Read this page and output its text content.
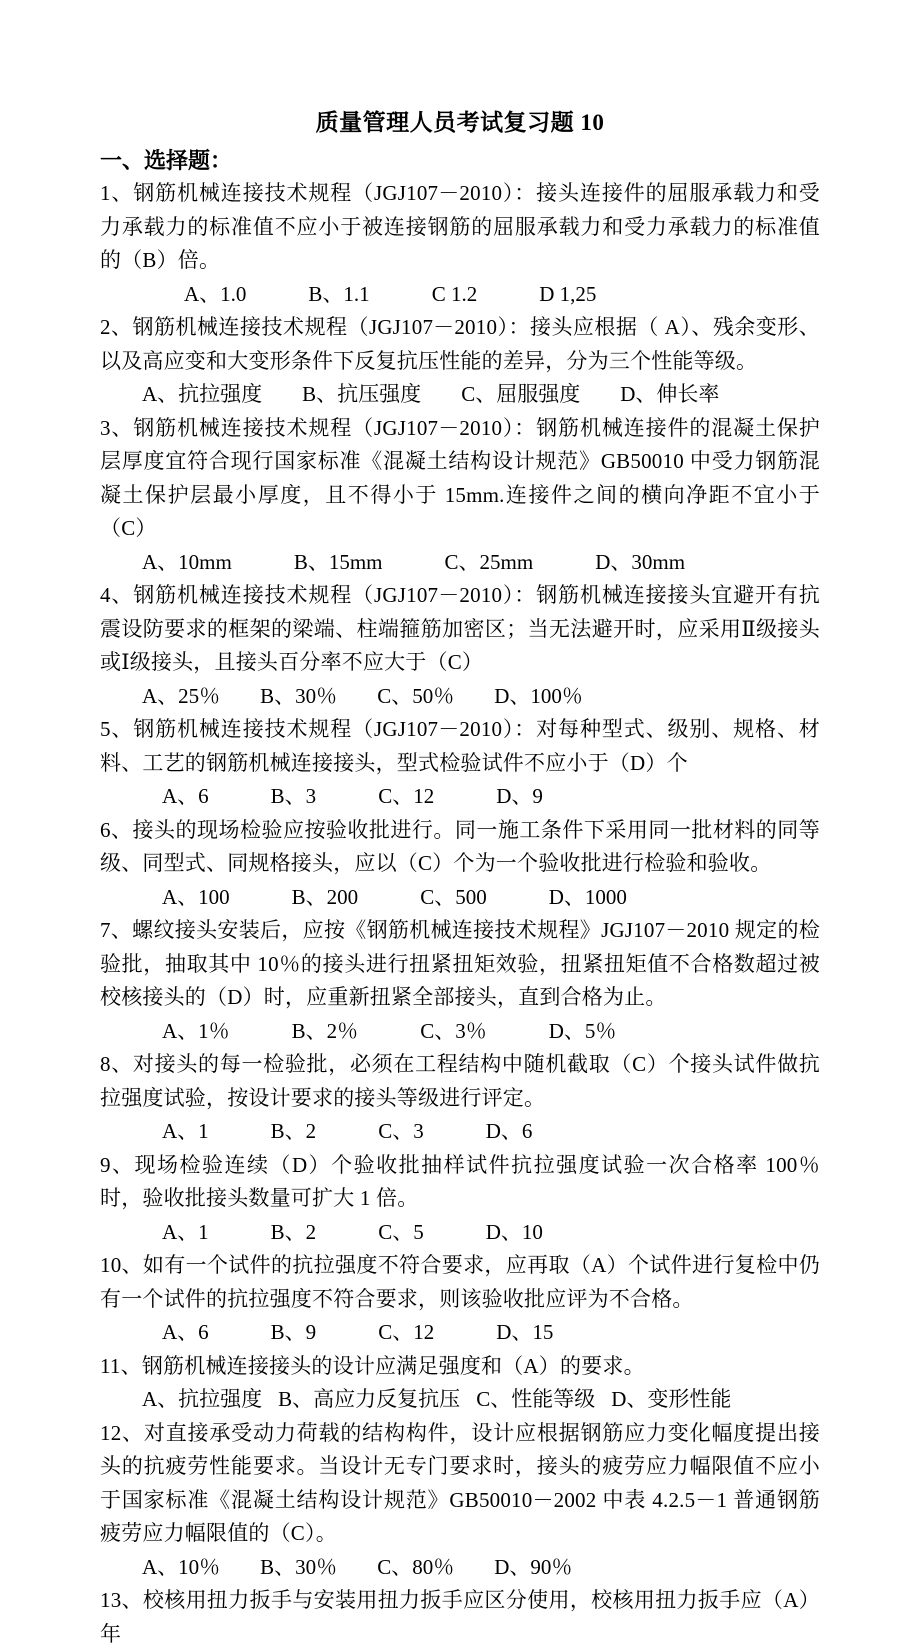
质量管理人员考试复习题 10
一、选择题：
1、钢筋机械连接技术规程（JGJ107－2010）：接头连接件的屈服承载力和受力承载力的标准值不应小于被连接钢筋的屈服承载力和受力承载力的标准值的（B）倍。
A、1.0	B、1.1	C 1.2	D 1,25
2、钢筋机械连接技术规程（JGJ107－2010）：接头应根据（ A）、残余变形、以及高应变和大变形条件下反复抗压性能的差异，分为三个性能等级。
A、抗拉强度 B、抗压强度 C、屈服强度 D、伸长率
3、钢筋机械连接技术规程（JGJ107－2010）：钢筋机械连接件的混凝土保护层厚度宜符合现行国家标准《混凝土结构设计规范》GB50010 中受力钢筋混凝土保护层最小厚度，且不得小于 15mm.连接件之间的横向净距不宜小于（C）
A、10mm	B、15mm	C、25mm	D、30mm
4、钢筋机械连接技术规程（JGJ107－2010）：钢筋机械连接接头宜避开有抗震设防要求的框架的梁端、柱端箍筋加密区；当无法避开时，应采用Ⅱ级接头或Ⅰ级接头，且接头百分率不应大于（C）
A、25％ B、30％ C、50％ D、100％
5、钢筋机械连接技术规程（JGJ107－2010）：对每种型式、级别、规格、材料、工艺的钢筋机械连接接头，型式检验试件不应小于（D）个
A、6	B、3	C、12	D、9
6、接头的现场检验应按验收批进行。同一施工条件下采用同一批材料的同等级、同型式、同规格接头，应以（C）个为一个验收批进行检验和验收。
A、100	B、200	C、500	D、1000
7、螺纹接头安装后，应按《钢筋机械连接技术规程》JGJ107－2010 规定的检验批，抽取其中 10％的接头进行扭紧扭矩效验，扭紧扭矩值不合格数超过被校核接头的（D）时，应重新扭紧全部接头，直到合格为止。
A、1％	B、2％	C、3％	D、5％
8、对接头的每一检验批，必须在工程结构中随机截取（C）个接头试件做抗拉强度试验，按设计要求的接头等级进行评定。
A、1	B、2	C、3	D、6
9、现场检验连续（D）个验收批抽样试件抗拉强度试验一次合格率 100％时，验收批接头数量可扩大 1 倍。
A、1	B、2	C、5	D、10
10、如有一个试件的抗拉强度不符合要求，应再取（A）个试件进行复检中仍有一个试件的抗拉强度不符合要求，则该验收批应评为不合格。
A、6	B、9	C、12	D、15
11、钢筋机械连接接头的设计应满足强度和（A）的要求。
A、抗拉强度 B、高应力反复抗压 C、性能等级 D、变形性能
12、对直接承受动力荷载的结构构件，设计应根据钢筋应力变化幅度提出接头的抗疲劳性能要求。当设计无专门要求时，接头的疲劳应力幅限值不应小于国家标准《混凝土结构设计规范》GB50010－2002 中表 4.2.5－1 普通钢筋疲劳应力幅限值的（C）。
A、10％ B、30％ C、80％ D、90％
13、校核用扭力扳手与安装用扭力扳手应区分使用，校核用扭力扳手应（A）年
